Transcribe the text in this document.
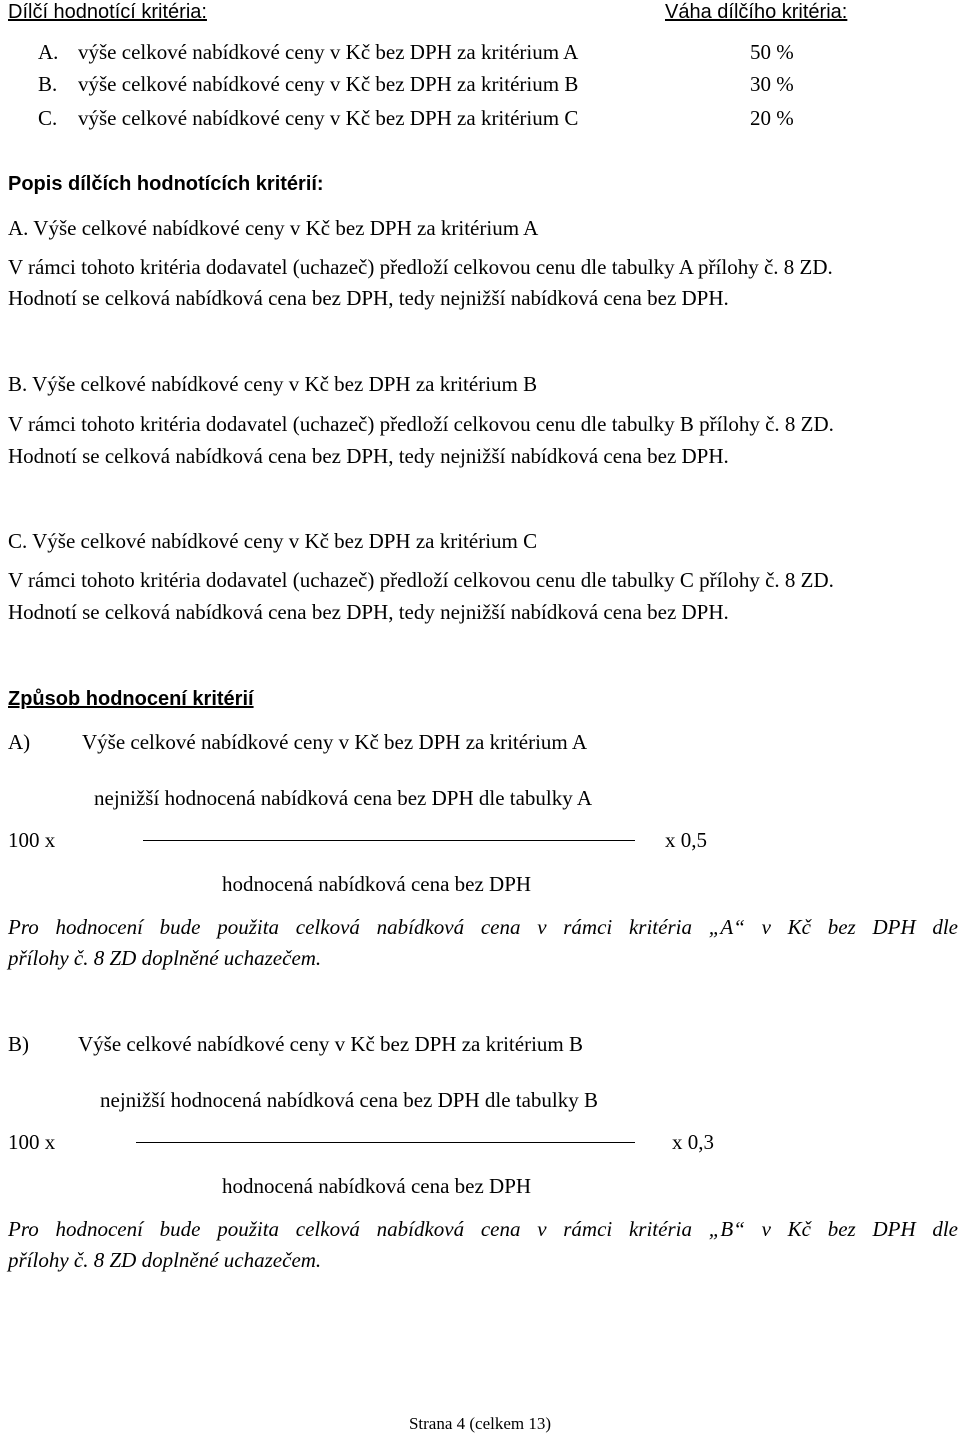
Dílčí hodnotící kritéria:	Váha dílčího kritéria:
A. výše celkové nabídkové ceny v Kč bez DPH za kritérium A	50 %
B. výše celkové nabídkové ceny v Kč bez DPH za kritérium B	30 %
C. výše celkové nabídkové ceny v Kč bez DPH za kritérium C	20 %
Popis dílčích hodnotících kritérií:
A. Výše celkové nabídkové ceny v Kč bez DPH za kritérium A
V rámci tohoto kritéria dodavatel (uchazeč) předloží celkovou cenu dle tabulky A přílohy č. 8 ZD.
Hodnotí se celková nabídková cena bez DPH, tedy nejnižší nabídková cena bez DPH.
B. Výše celkové nabídkové ceny v Kč bez DPH za kritérium B
V rámci tohoto kritéria dodavatel (uchazeč) předloží celkovou cenu dle tabulky B přílohy č. 8 ZD.
Hodnotí se celková nabídková cena bez DPH, tedy nejnižší nabídková cena bez DPH.
C. Výše celkové nabídkové ceny v Kč bez DPH za kritérium C
V rámci tohoto kritéria dodavatel (uchazeč) předloží celkovou cenu dle tabulky C přílohy č. 8 ZD.
Hodnotí se celková nabídková cena bez DPH, tedy nejnižší nabídková cena bez DPH.
Způsob hodnocení kritérií
A) Výše celkové nabídkové ceny v Kč bez DPH za kritérium A
nejnižší hodnocená nabídková cena bez DPH dle tabulky A
100 x	x 0,5
hodnocená nabídková cena bez DPH
Pro hodnocení bude použita celková nabídková cena v rámci kritéria „A“ v Kč bez DPH dle
přílohy č. 8 ZD doplněné uchazečem.
B) Výše celkové nabídkové ceny v Kč bez DPH za kritérium B
nejnižší hodnocená nabídková cena bez DPH dle tabulky B
100 x	x 0,3
hodnocená nabídková cena bez DPH
Pro hodnocení bude použita celková nabídková cena v rámci kritéria „B“ v Kč bez DPH dle
přílohy č. 8 ZD doplněné uchazečem.
Strana 4 (celkem 13)
